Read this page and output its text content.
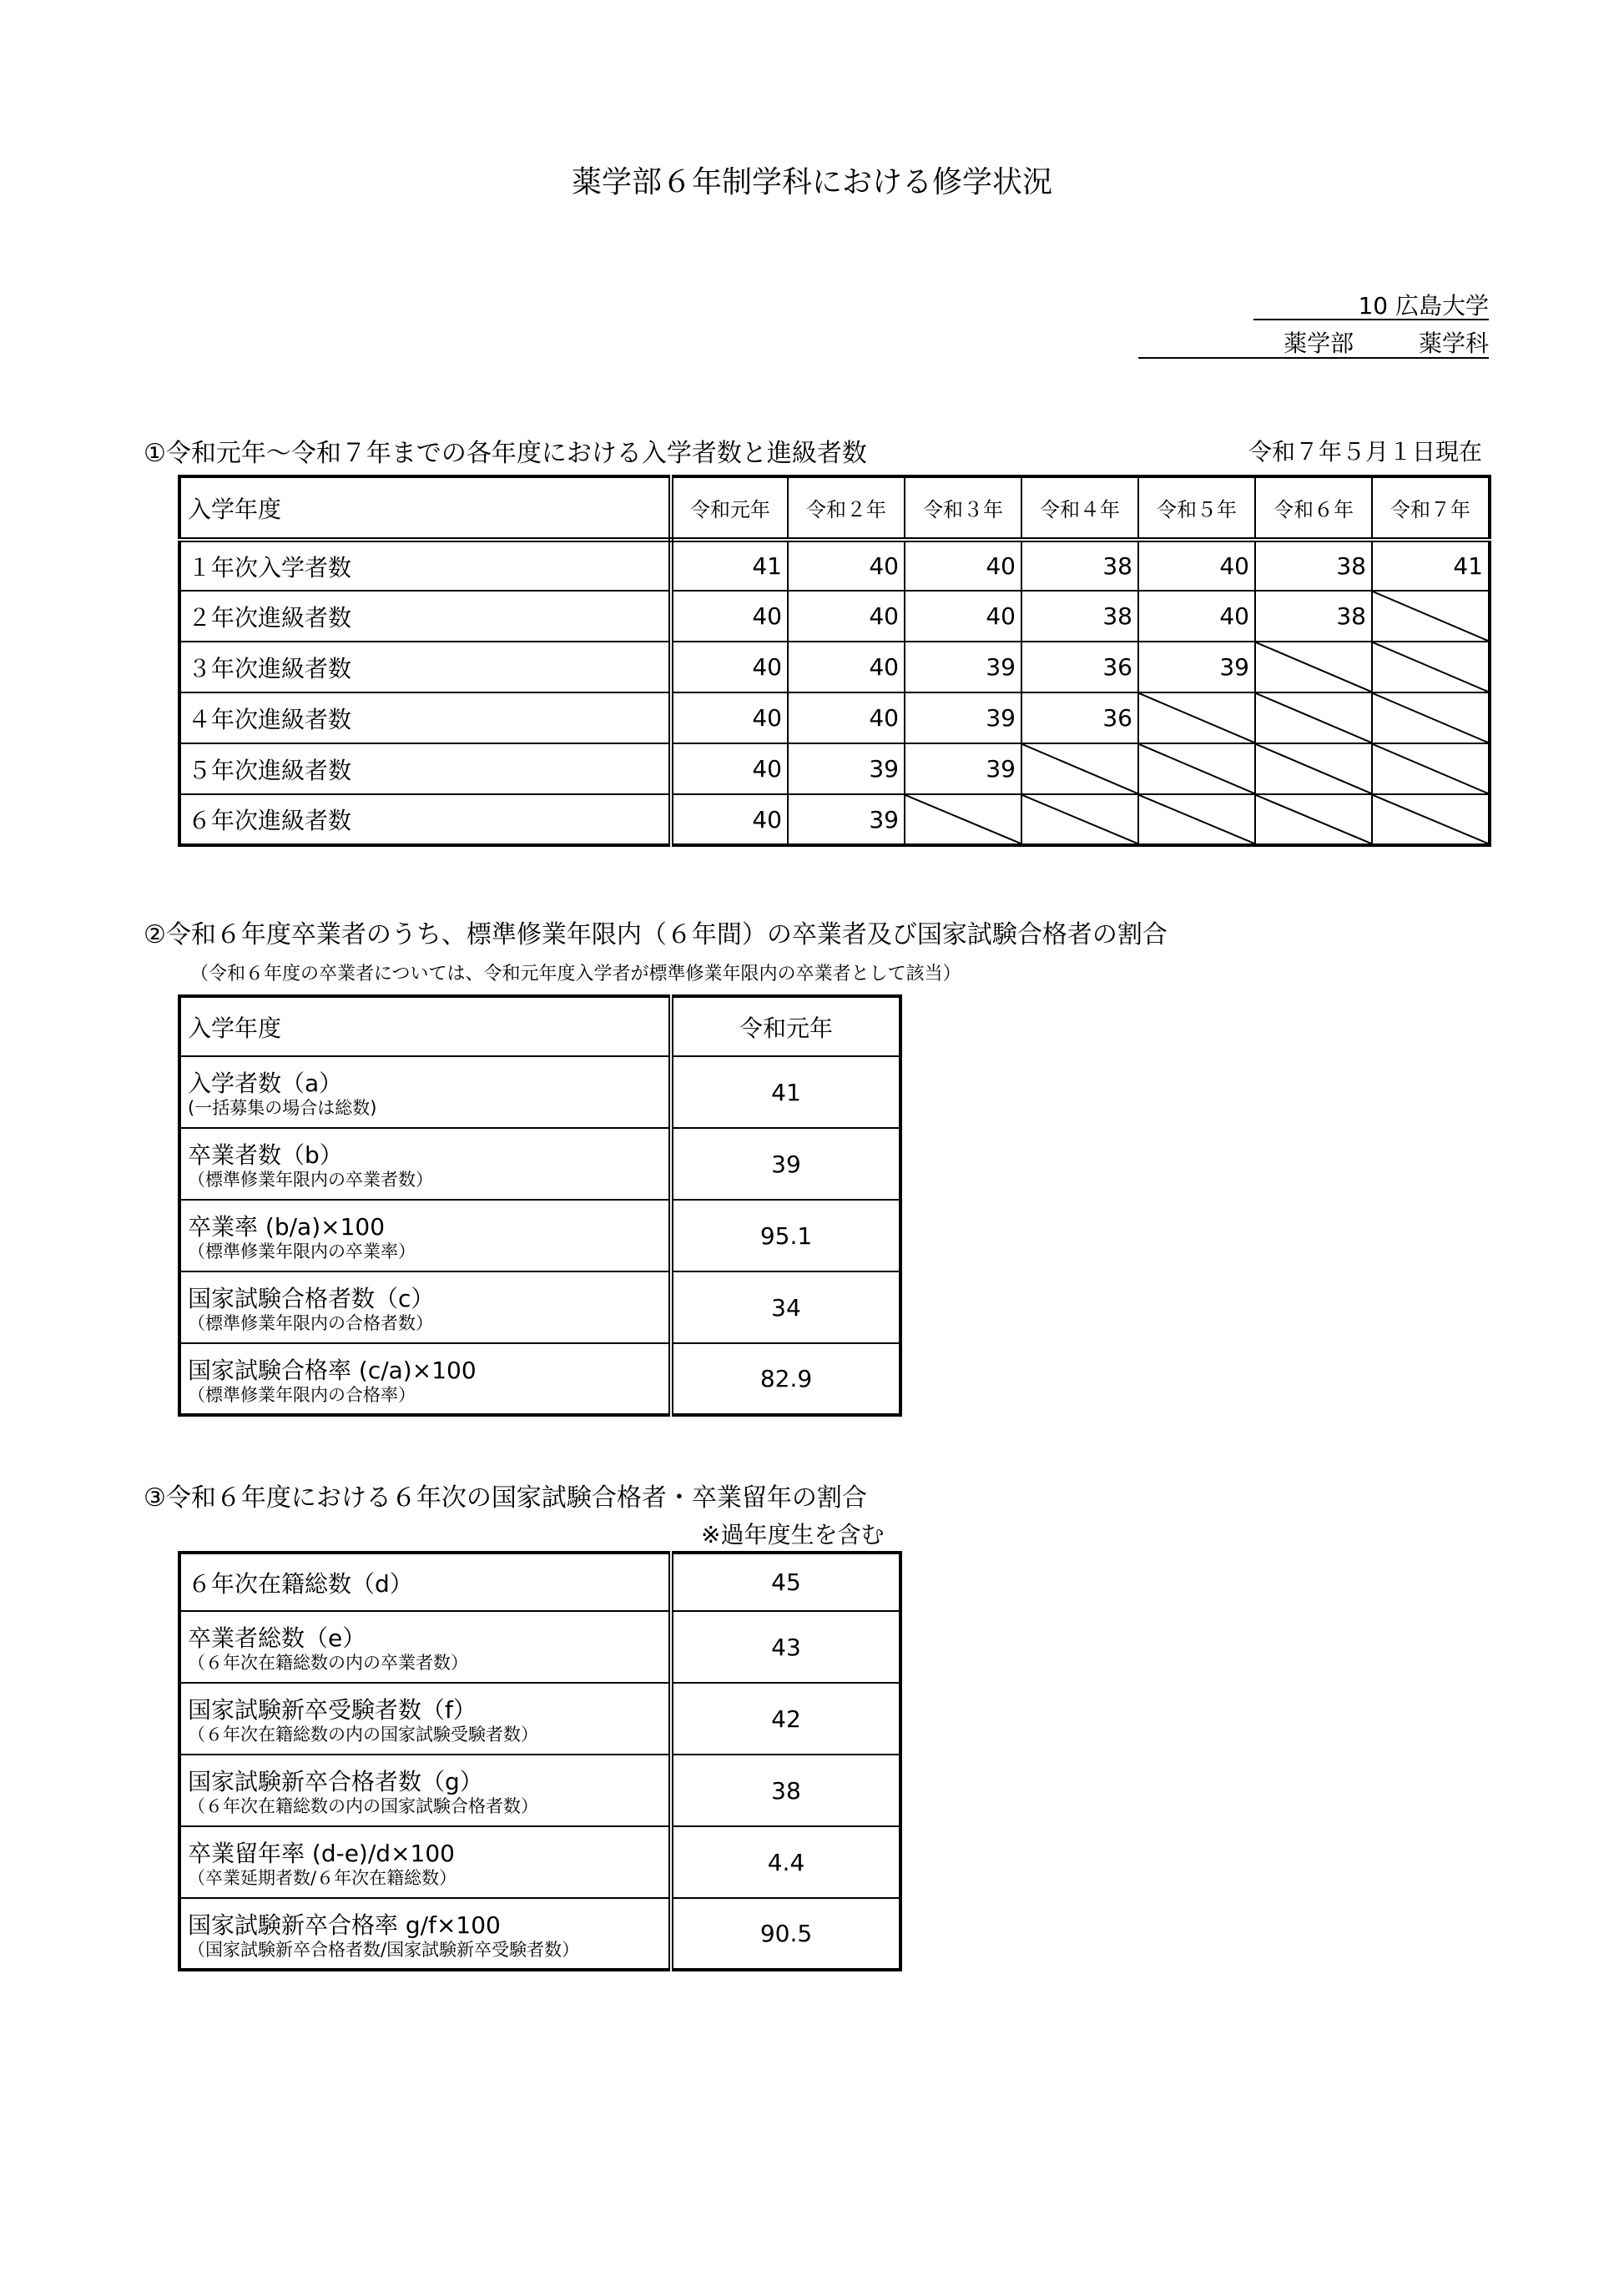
薬学部６年制学科における修学状況
10 広島大学
薬学部	薬学科
①令和元年～令和７年までの各年度における入学者数と進級者数	令和７年５月１日現在
入学年度	令和元年	令和２年	令和３年	令和４年	令和５年	令和６年	令和７年
１年次入学者数	41	40	40	38	40	38	41
２年次進級者数	40	40	40	38	40	38	

３年次進級者数	40	40	39	36	39	

４年次進級者数	40	40	39	36	

５年次進級者数	40	39	39	

６年次進級者数	40	39	

②令和６年度卒業者のうち、標準修業年限内（６年間）の卒業者及び国家試験合格者の割合
（令和６年度の卒業者については、令和元年度入学者が標準修業年限内の卒業者として該当）
入学年度	令和元年

入学者数（a）
(一括募集の場合は総数)	41

卒業者数（b）
（標準修業年限内の卒業者数）	39

卒業率 (b/a)×100
（標準修業年限内の卒業率）	95.1

国家試験合格者数（c）
（標準修業年限内の合格者数）	34

国家試験合格率 (c/a)×100
（標準修業年限内の合格率）	82.9
③令和６年度における６年次の国家試験合格者・卒業留年の割合
※過年度生を含む
６年次在籍総数（d）	45

卒業者総数（e）
（６年次在籍総数の内の卒業者数）	43

国家試験新卒受験者数（f）
（６年次在籍総数の内の国家試験受験者数）	42

国家試験新卒合格者数（g）
（６年次在籍総数の内の国家試験合格者数）	38

卒業留年率 (d-e)/d×100
（卒業延期者数/６年次在籍総数）	4.4

国家試験新卒合格率 g/f×100
（国家試験新卒合格者数/国家試験新卒受験者数）	90.5
